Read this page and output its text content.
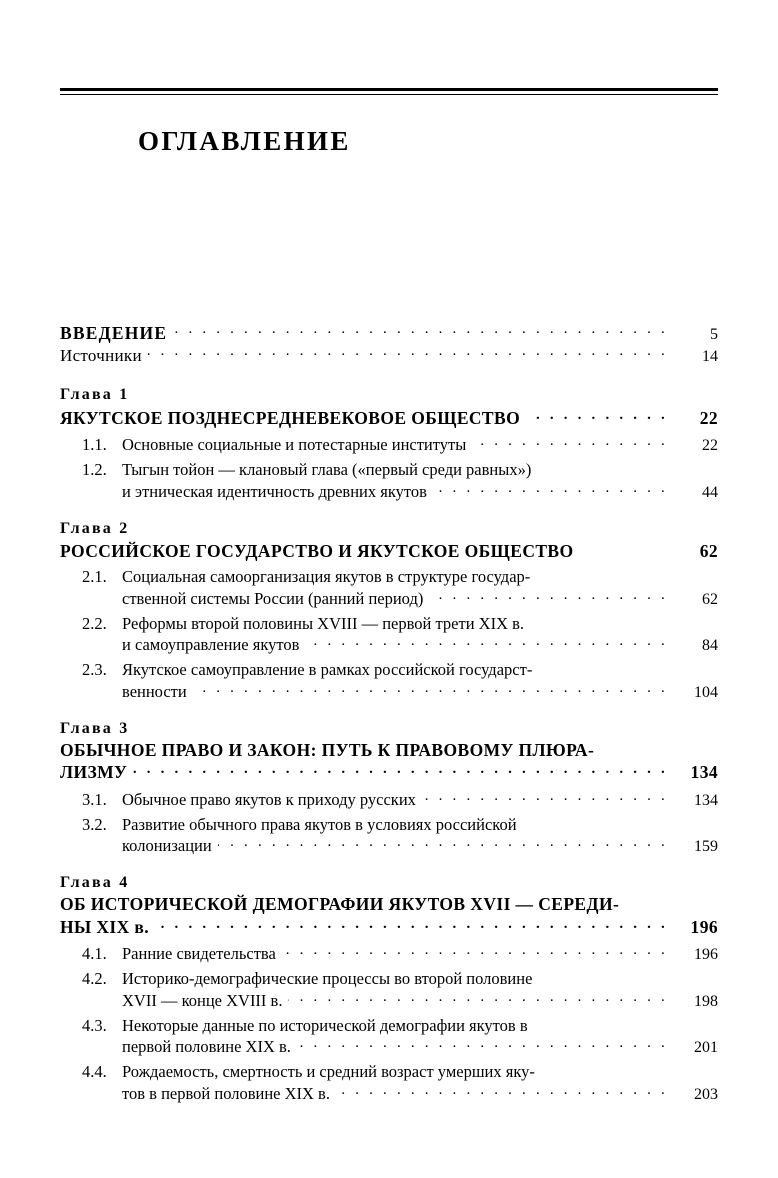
ОГЛАВЛЕНИЕ
ВВЕДЕНИЕ . . .	5
Источники . . .	14
Глава 1
ЯКУТСКОЕ ПОЗДНЕСРЕДНЕВЕКОВОЕ ОБЩЕСТВО . . .	22
1.1. Основные социальные и потестарные институты . . .	22
1.2. Тыгын тойон — клановый глава («первый среди равных»)
и этническая идентичность древних якутов . . .	44
Глава 2
РОССИЙСКОЕ ГОСУДАРСТВО И ЯКУТСКОЕ ОБЩЕСТВО	62
2.1. Социальная самоорганизация якутов в структуре государ-
ственной системы России (ранний период) . . .	62
2.2. Реформы второй половины XVIII — первой трети XIX в.
и самоуправление якутов . . .	84
2.3. Якутское самоуправление в рамках российской государст-
венности . . .	104
Глава 3
ОБЫЧНОЕ ПРАВО И ЗАКОН: ПУТЬ К ПРАВОВОМУ ПЛЮРА-
ЛИЗМУ . . .	134
3.1. Обычное право якутов к приходу русских . . .	134
3.2. Развитие обычного права якутов в условиях российской
колонизации . . .	159
Глава 4
ОБ ИСТОРИЧЕСКОЙ ДЕМОГРАФИИ ЯКУТОВ XVII — СЕРЕДИ-
НЫ XIX в. . . .	196
4.1. Ранние свидетельства . . .	196
4.2. Историко-демографические процессы во второй половине
XVII — конце XVIII в. . . .	198
4.3. Некоторые данные по исторической демографии якутов в
первой половине XIX в. . . .	201
4.4. Рождаемость, смертность и средний возраст умерших яку-
тов в первой половине XIX в. . . .	203
